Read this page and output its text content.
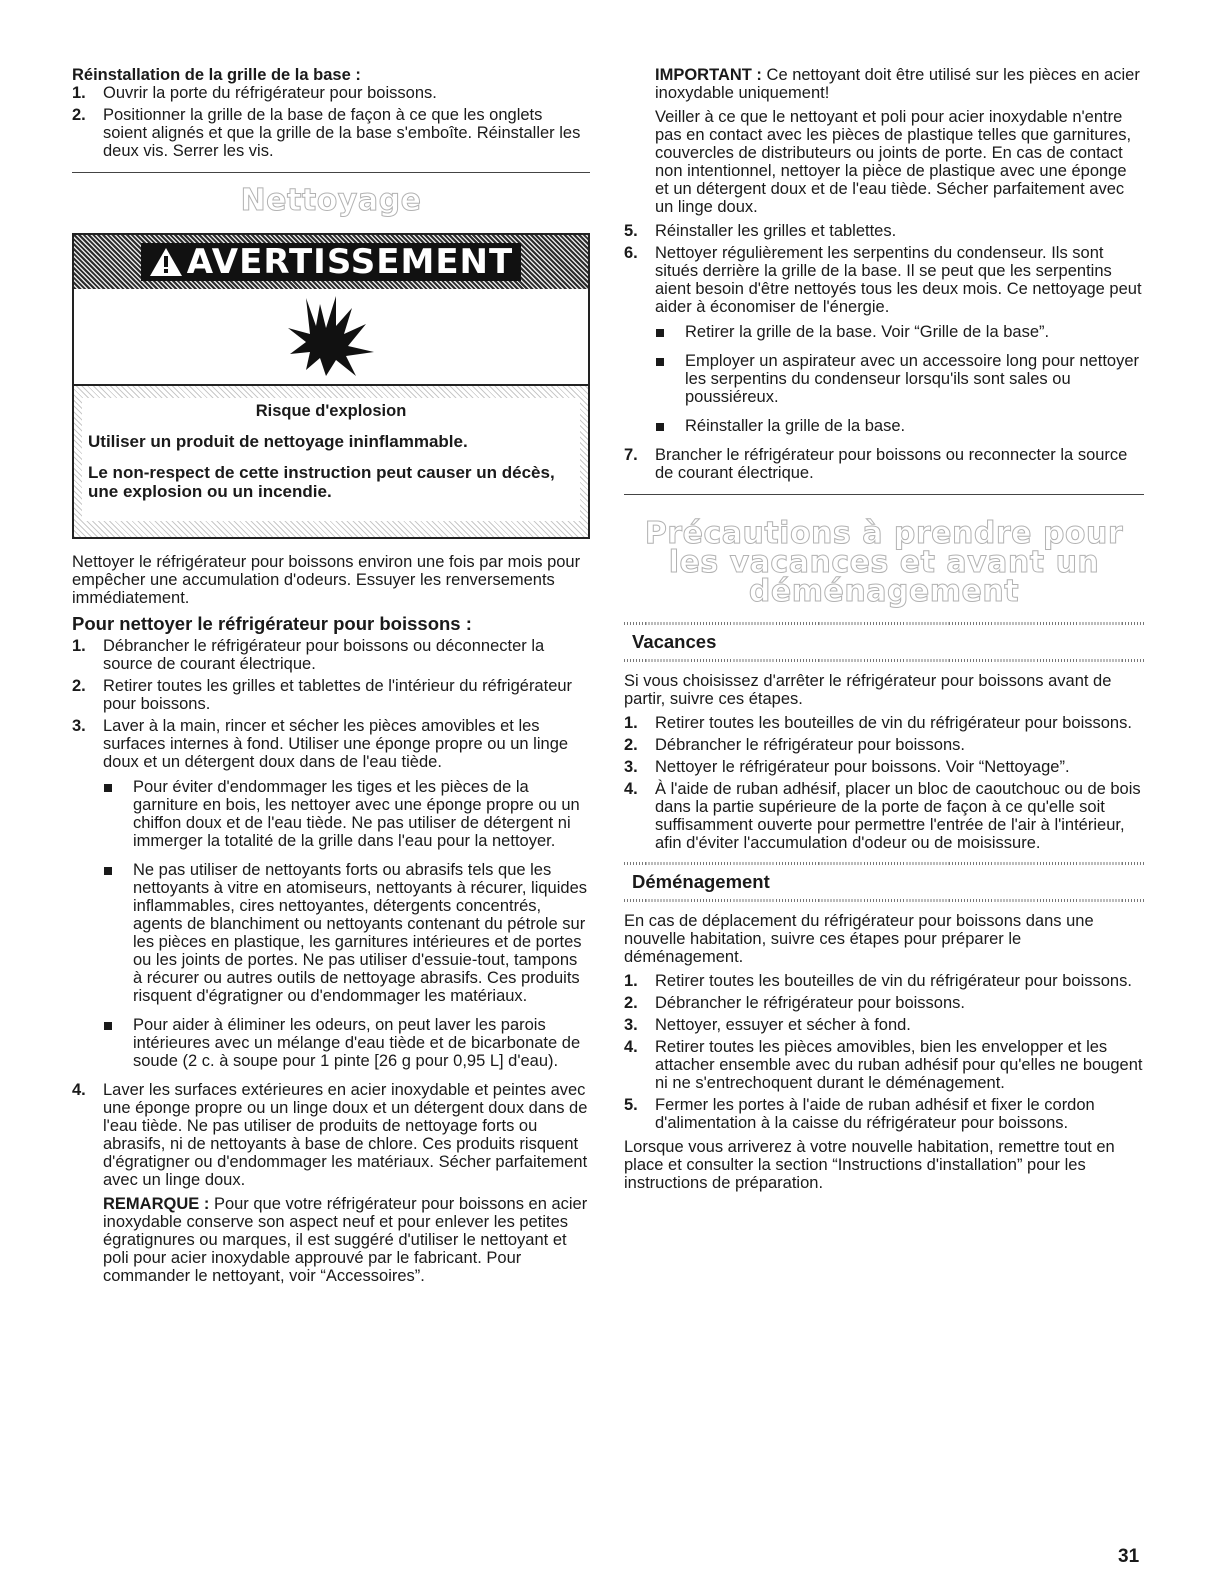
Réinstallation de la grille de la base :

1. Ouvrir la porte du réfrigérateur pour boissons.
2. Positionner la grille de la base de façon à ce que les onglets soient alignés et que la grille de la base s'emboîte. Réinstaller les deux vis. Serrer les vis.
Nettoyage
AVERTISSEMENT
Risque d'explosion
Utiliser un produit de nettoyage ininflammable.
Le non-respect de cette instruction peut causer un décès, une explosion ou un incendie.

Nettoyer le réfrigérateur pour boissons environ une fois par mois pour empêcher une accumulation d'odeurs. Essuyer les renversements immédiatement.

Pour nettoyer le réfrigérateur pour boissons :
1. Débrancher le réfrigérateur pour boissons ou déconnecter la source de courant électrique.
2. Retirer toutes les grilles et tablettes de l'intérieur du réfrigérateur pour boissons.
3. Laver à la main, rincer et sécher les pièces amovibles et les surfaces internes à fond. Utiliser une éponge propre ou un linge doux et un détergent doux dans de l'eau tiède.
Pour éviter d'endommager les tiges et les pièces de la garniture en bois, les nettoyer avec une éponge propre ou un chiffon doux et de l'eau tiède. Ne pas utiliser de détergent ni immerger la totalité de la grille dans l'eau pour la nettoyer.
Ne pas utiliser de nettoyants forts ou abrasifs tels que les nettoyants à vitre en atomiseurs, nettoyants à récurer, liquides inflammables, cires nettoyantes, détergents concentrés, agents de blanchiment ou nettoyants contenant du pétrole sur les pièces en plastique, les garnitures intérieures et de portes ou les joints de portes. Ne pas utiliser d'essuie-tout, tampons à récurer ou autres outils de nettoyage abrasifs. Ces produits risquent d'égratigner ou d'endommager les matériaux.
Pour aider à éliminer les odeurs, on peut laver les parois intérieures avec un mélange d'eau tiède et de bicarbonate de soude (2 c. à soupe pour 1 pinte [26 g pour 0,95 L] d'eau).
4. Laver les surfaces extérieures en acier inoxydable et peintes avec une éponge propre ou un linge doux et un détergent doux dans de l'eau tiède. Ne pas utiliser de produits de nettoyage forts ou abrasifs, ni de nettoyants à base de chlore. Ces produits risquent d'égratigner ou d'endommager les matériaux. Sécher parfaitement avec un linge doux.

REMARQUE : Pour que votre réfrigérateur pour boissons en acier inoxydable conserve son aspect neuf et pour enlever les petites égratignures ou marques, il est suggéré d'utiliser le nettoyant et poli pour acier inoxydable approuvé par le fabricant. Pour commander le nettoyant, voir “Accessoires”.

IMPORTANT : Ce nettoyant doit être utilisé sur les pièces en acier inoxydable uniquement!

Veiller à ce que le nettoyant et poli pour acier inoxydable n'entre pas en contact avec les pièces de plastique telles que garnitures, couvercles de distributeurs ou joints de porte. En cas de contact non intentionnel, nettoyer la pièce de plastique avec une éponge et un détergent doux et de l'eau tiède. Sécher parfaitement avec un linge doux.

5. Réinstaller les grilles et tablettes.
6. Nettoyer régulièrement les serpentins du condenseur. Ils sont situés derrière la grille de la base. Il se peut que les serpentins aient besoin d'être nettoyés tous les deux mois. Ce nettoyage peut aider à économiser de l'énergie.
Retirer la grille de la base. Voir “Grille de la base”.
Employer un aspirateur avec un accessoire long pour nettoyer les serpentins du condenseur lorsqu'ils sont sales ou poussiéreux.
Réinstaller la grille de la base.
7. Brancher le réfrigérateur pour boissons ou reconnecter la source de courant électrique.
Précautions à prendre pour les vacances et avant un déménagement
Vacances

Si vous choisissez d'arrêter le réfrigérateur pour boissons avant de partir, suivre ces étapes.

1. Retirer toutes les bouteilles de vin du réfrigérateur pour boissons.
2. Débrancher le réfrigérateur pour boissons.
3. Nettoyer le réfrigérateur pour boissons. Voir “Nettoyage”.
4. À l'aide de ruban adhésif, placer un bloc de caoutchouc ou de bois dans la partie supérieure de la porte de façon à ce qu'elle soit suffisamment ouverte pour permettre l'entrée de l'air à l'intérieur, afin d'éviter l'accumulation d'odeur ou de moisissure.
Déménagement

En cas de déplacement du réfrigérateur pour boissons dans une nouvelle habitation, suivre ces étapes pour préparer le déménagement.

1. Retirer toutes les bouteilles de vin du réfrigérateur pour boissons.
2. Débrancher le réfrigérateur pour boissons.
3. Nettoyer, essuyer et sécher à fond.
4. Retirer toutes les pièces amovibles, bien les envelopper et les attacher ensemble avec du ruban adhésif pour qu'elles ne bougent ni ne s'entrechoquent durant le déménagement.
5. Fermer les portes à l'aide de ruban adhésif et fixer le cordon d'alimentation à la caisse du réfrigérateur pour boissons.

Lorsque vous arriverez à votre nouvelle habitation, remettre tout en place et consulter la section “Instructions d'installation” pour les instructions de préparation.

31
